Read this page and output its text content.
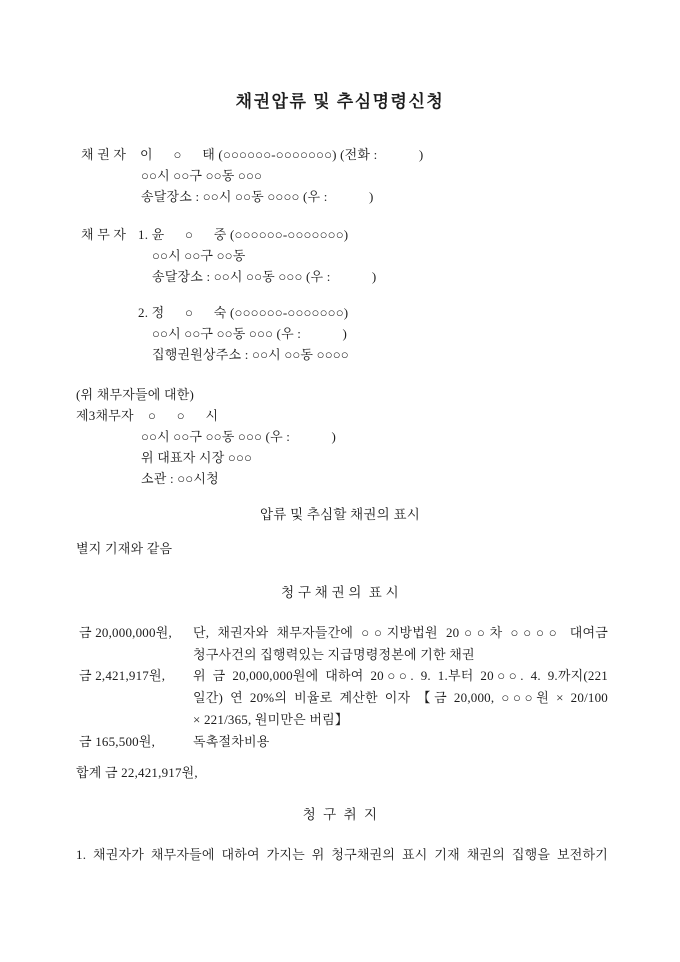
채권압류 및 추심명령신청
채 권 자 이      ○      태 (○○○○○○-○○○○○○○) (전화 :            )
○○시 ○○구 ○○동 ○○○
송달장소 : ○○시 ○○동 ○○○○ (우 :            )
채 무 자 1. 윤      ○      중 (○○○○○○-○○○○○○○)
○○시 ○○구 ○○동
송달장소 : ○○시 ○○동 ○○○ (우 :            )
2. 정      ○      숙 (○○○○○○-○○○○○○○)
○○시 ○○구 ○○동 ○○○ (우 :            )
집행권원상주소 : ○○시 ○○동 ○○○○
(위 채무자들에 대한)
제3채무자 ○      ○      시
○○시 ○○구 ○○동 ○○○ (우 :            )
위 대표자 시장 ○○○
소관 : ○○시청
압류 및 추심할 채권의 표시
별지 기재와 같음
청 구 채 권 의  표 시
금 20,000,000원, 단, 채권자와 채무자들간에 ○○지방법원 20○○차 ○○○○ 대여금
청구사건의 집행력있는 지급명령정본에 기한 채권
금 2,421,917원, 위 금 20,000,000원에 대하여 20○○. 9. 1.부터 20○○. 4. 9.까지(221
일간) 연 20%의 비율로 계산한 이자 【금 20,000, ○○○원 × 20/100
× 221/365, 원미만은 버림】
금 165,500원,	독촉절차비용
합계 금 22,421,917원,
청  구  취  지
1. 채권자가 채무자들에 대하여 가지는 위 청구채권의 표시 기재 채권의 집행을 보전하기
